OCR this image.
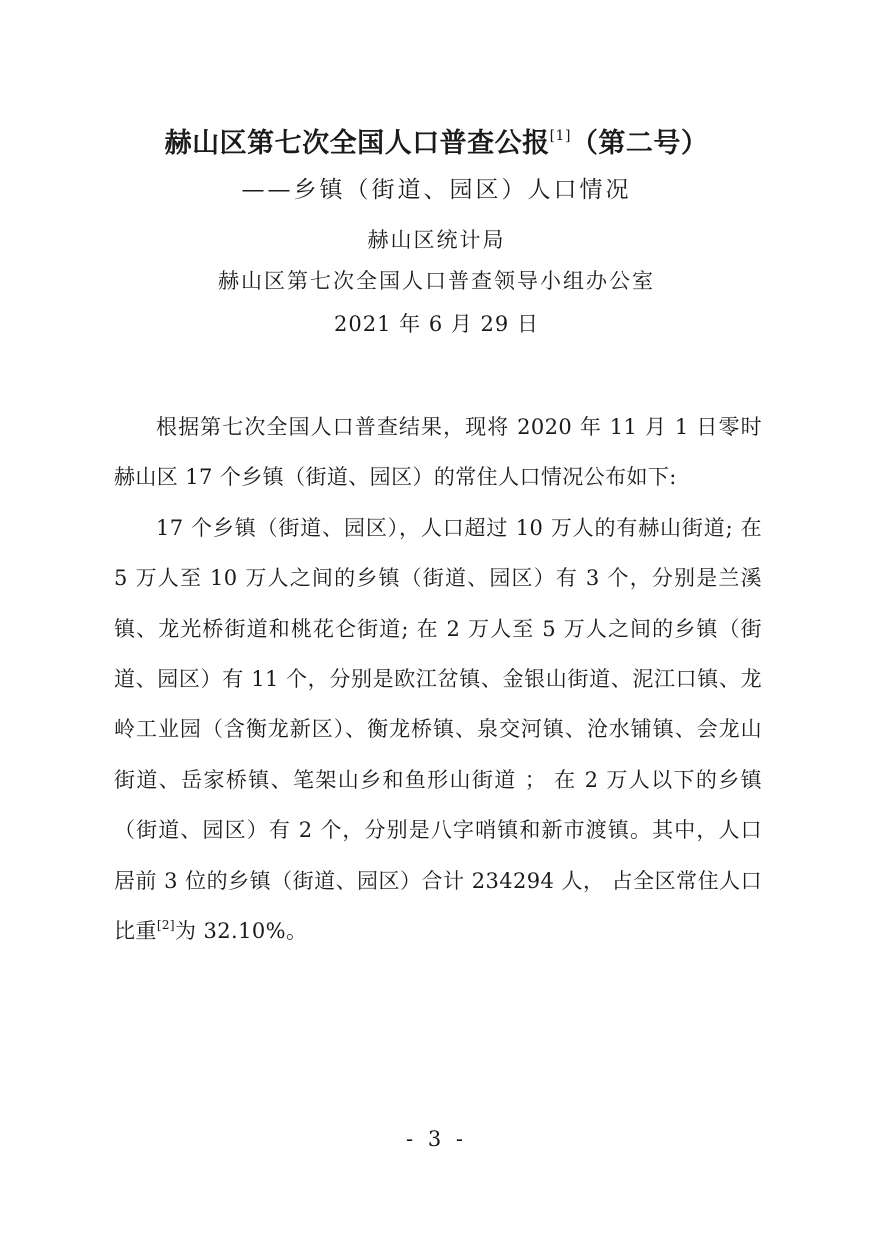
赫山区第七次全国人口普查公报[1]（第二号）
——乡镇（街道、园区）人口情况
赫山区统计局
赫山区第七次全国人口普查领导小组办公室
2021 年 6 月 29 日

根据第七次全国人口普查结果，现将 2020 年 11 月 1 日零时赫山区 17 个乡镇（街道、园区）的常住人口情况公布如下:

17 个乡镇（街道、园区），人口超过 10 万人的有赫山街道; 在 5 万人至 10 万人之间的乡镇（街道、园区）有 3 个，分别是兰溪镇、龙光桥街道和桃花仑街道; 在 2 万人至 5 万人之间的乡镇（街道、园区）有 11 个，分别是欧江岔镇、金银山街道、泥江口镇、龙岭工业园（含衡龙新区）、衡龙桥镇、泉交河镇、沧水铺镇、会龙山街道、岳家桥镇、笔架山乡和鱼形山街道 ； 在 2 万人以下的乡镇（街道、园区）有 2 个，分别是八字哨镇和新市渡镇。其中，人口居前 3 位的乡镇（街道、园区）合计 234294 人， 占全区常住人口比重[2]为 32.10%。

- 3 -
